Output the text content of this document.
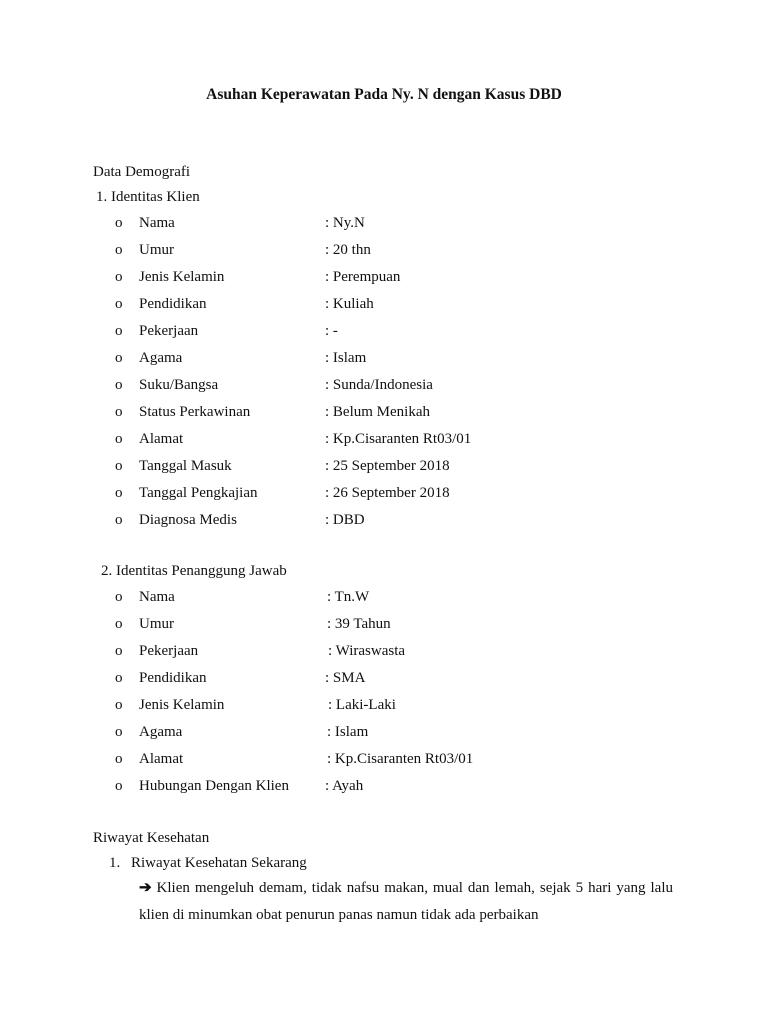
Asuhan Keperawatan Pada Ny. N dengan Kasus DBD
Data Demografi
1. Identitas Klien
o Nama	: Ny.N
o Umur	: 20 thn
o Jenis Kelamin	: Perempuan
o Pendidikan	: Kuliah
o Pekerjaan	: -
o Agama	: Islam
o Suku/Bangsa	: Sunda/Indonesia
o Status Perkawinan	: Belum Menikah
o Alamat	: Kp.Cisaranten Rt03/01
o Tanggal Masuk	: 25 September 2018
o Tanggal Pengkajian	: 26 September 2018
o Diagnosa Medis	: DBD
2. Identitas Penanggung Jawab
o Nama	: Tn.W
o Umur	: 39 Tahun
o Pekerjaan	: Wiraswasta
o Pendidikan	: SMA
o Jenis Kelamin	: Laki-Laki
o Agama	: Islam
o Alamat	: Kp.Cisaranten Rt03/01
o Hubungan Dengan Klien : Ayah
Riwayat Kesehatan
1. Riwayat Kesehatan Sekarang
➔ Klien mengeluh demam, tidak nafsu makan, mual dan lemah, sejak 5 hari yang lalu klien di minumkan obat penurun panas namun tidak ada perbaikan
